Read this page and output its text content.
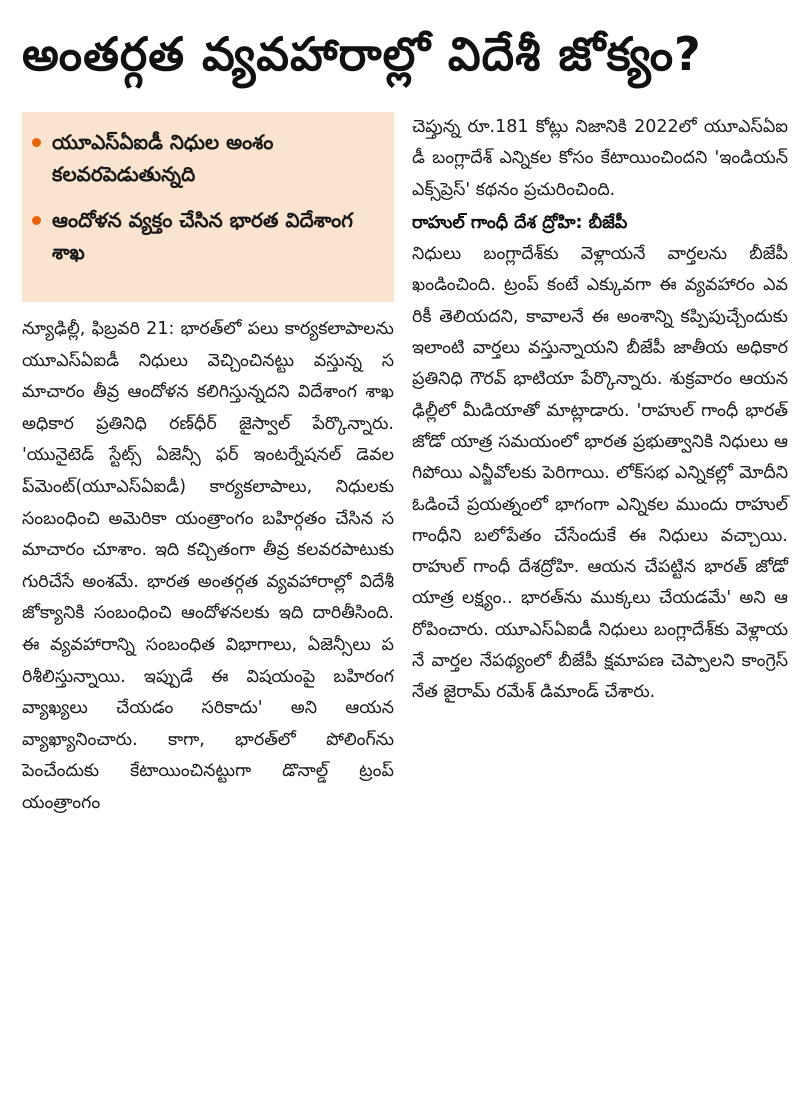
అంతర్గత వ్యవహారాల్లో విదేశీ జోక్యం?
యూఎస్ఏఐడీ నిధుల అంశం కలవరపెడుతున్నది
ఆందోళన వ్యక్తం చేసిన భారత విదేశాంగ శాఖ

న్యూఢిల్లీ, ఫిబ్రవరి 21: భారత్‌లో పలు కార్యకలాపాలను యూఎస్ఏఐడీ నిధులు వెచ్చించినట్టు వస్తున్న సమాచారం తీవ్ర ఆందోళన కలిగిస్తున్నదని విదేశాంగ శాఖ అధికార ప్రతినిధి రణ్‌ధీర్ జైస్వాల్ పేర్కొన్నారు. 'యునైటెడ్ స్టేట్స్ ఏజెన్సీ ఫర్ ఇంటర్నేషనల్ డెవలప్‌మెంట్(యూఎస్ఏఐడీ) కార్యకలాపాలు, నిధులకు సంబంధించి అమెరికా యంత్రాంగం బహిర్గతం చేసిన సమాచారం చూశాం. ఇది కచ్చితంగా తీవ్ర కలవరపాటుకు గురిచేసే అంశమే. భారత అంతర్గత వ్యవహారాల్లో విదేశీ జోక్యానికి సంబంధించి ఆందోళనలకు ఇది దారితీసింది. ఈ వ్యవహారాన్ని సంబంధిత విభాగాలు, ఏజెన్సీలు పరిశీలిస్తున్నాయి. ఇప్పుడే ఈ విషయంపై బహిరంగ వ్యాఖ్యలు చేయడం సరికాదు' అని ఆయన వ్యాఖ్యానించారు. కాగా, భారత్‌లో పోలింగ్‌ను పెంచేందుకు కేటాయించినట్టుగా డొనాల్డ్ ట్రంప్ యంత్రాంగం

చెప్తున్న రూ.181 కోట్లు నిజానికి 2022లో యూఎస్ఏఐడీ బంగ్లాదేశ్ ఎన్నికల కోసం కేటాయించిందని 'ఇండియన్ ఎక్స్‌ప్రెస్' కథనం ప్రచురించింది.

రాహుల్ గాంధీ దేశ ద్రోహి: బీజేపీ

నిధులు బంగ్లాదేశ్‌కు వెళ్లాయనే వార్తలను బీజేపీ ఖండించింది. ట్రంప్ కంటే ఎక్కువగా ఈ వ్యవహారం ఎవరికీ తెలియదని, కావాలనే ఈ అంశాన్ని కప్పిపుచ్చేందుకు ఇలాంటి వార్తలు వస్తున్నాయని బీజేపీ జాతీయ అధికార ప్రతినిధి గౌరవ్ భాటియా పేర్కొన్నారు. శుక్రవారం ఆయన ఢిల్లీలో మీడియాతో మాట్లాడారు. 'రాహుల్ గాంధీ భారత్ జోడో యాత్ర సమయంలో భారత ప్రభుత్వానికి నిధులు ఆగిపోయి ఎన్జీవోలకు పెరిగాయి. లోక్‌సభ ఎన్నికల్లో మోదీని ఓడించే ప్రయత్నంలో భాగంగా ఎన్నికల ముందు రాహుల్ గాంధీని బలోపేతం చేసేందుకే ఈ నిధులు వచ్చాయి. రాహుల్ గాంధీ దేశద్రోహి. ఆయన చేపట్టిన భారత్ జోడో యాత్ర లక్ష్యం.. భారత్‌ను ముక్కలు చేయడమే' అని ఆరోపించారు. యూఎస్ఏఐడీ నిధులు బంగ్లాదేశ్‌కు వెళ్లాయనే వార్తల నేపథ్యంలో బీజేపీ క్షమాపణ చెప్పాలని కాంగ్రెస్ నేత జైరామ్ రమేశ్ డిమాండ్ చేశారు.
